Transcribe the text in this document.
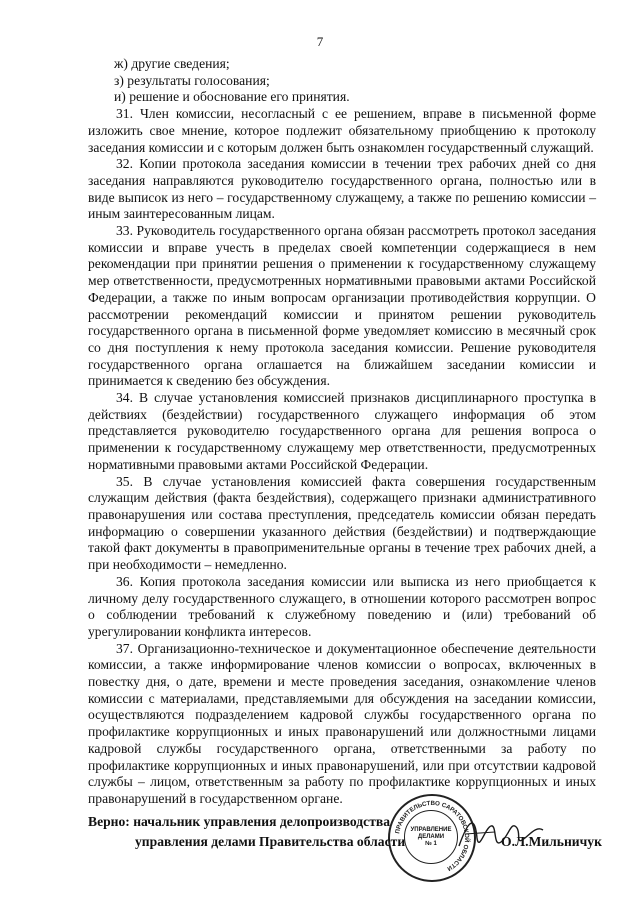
7

ж) другие сведения;

з) результаты голосования;

и) решение и обоснование его принятия.

31. Член комиссии, несогласный с ее решением, вправе в письменной форме изложить свое мнение, которое подлежит обязательному приобщению к протоколу заседания комиссии и с которым должен быть ознакомлен государственный служащий.

32. Копии протокола заседания комиссии в течении трех рабочих дней со дня заседания направляются руководителю государственного органа, полностью или в виде выписок из него – государственному служащему, а также по решению комиссии – иным заинтересованным лицам.

33. Руководитель государственного органа обязан рассмотреть протокол заседания комиссии и вправе учесть в пределах своей компетенции содержащиеся в нем рекомендации при принятии решения о применении к государственному служащему мер ответственности, предусмотренных нормативными правовыми актами Российской Федерации, а также по иным вопросам организации противодействия коррупции. О рассмотрении рекомендаций комиссии и принятом решении руководитель государственного органа в письменной форме уведомляет комиссию в месячный срок со дня поступления к нему протокола заседания комиссии. Решение руководителя государственного органа оглашается на ближайшем заседании комиссии и принимается к сведению без обсуждения.

34. В случае установления комиссией признаков дисциплинарного проступка в действиях (бездействии) государственного служащего информация об этом представляется руководителю государственного органа для решения вопроса о применении к государственному служащему мер ответственности, предусмотренных нормативными правовыми актами Российской Федерации.

35. В случае установления комиссией факта совершения государственным служащим действия (факта бездействия), содержащего признаки административного правонарушения или состава преступления, председатель комиссии обязан передать информацию о совершении указанного действия (бездействии) и подтверждающие такой факт документы в правоприменительные органы в течение трех рабочих дней, а при необходимости – немедленно.

36. Копия протокола заседания комиссии или выписка из него приобщается к личному делу государственного служащего, в отношении которого рассмотрен вопрос о соблюдении требований к служебному поведению и (или) требований об урегулировании конфликта интересов.

37. Организационно-техническое и документационное обеспечение деятельности комиссии, а также информирование членов комиссии о вопросах, включенных в повестку дня, о дате, времени и месте проведения заседания, ознакомление членов комиссии с материалами, представляемыми для обсуждения на заседании комиссии, осуществляются подразделением кадровой службы государственного органа по профилактике коррупционных и иных правонарушений или должностными лицами кадровой службы государственного органа, ответственными за работу по профилактике коррупционных и иных правонарушений, или при отсутствии кадровой службы – лицом, ответственным за работу по профилактике коррупционных и иных правонарушений в государственном органе.

ПРАВИТЕЛЬСТВО САРАТОВСКОЙ ОБЛАСТИ
УПРАВЛЕНИЕ
ДЕЛАМИ
№ 1
Верно: начальник управления делопроизводства
управления делами Правительства области	О.Л.Мильничук
